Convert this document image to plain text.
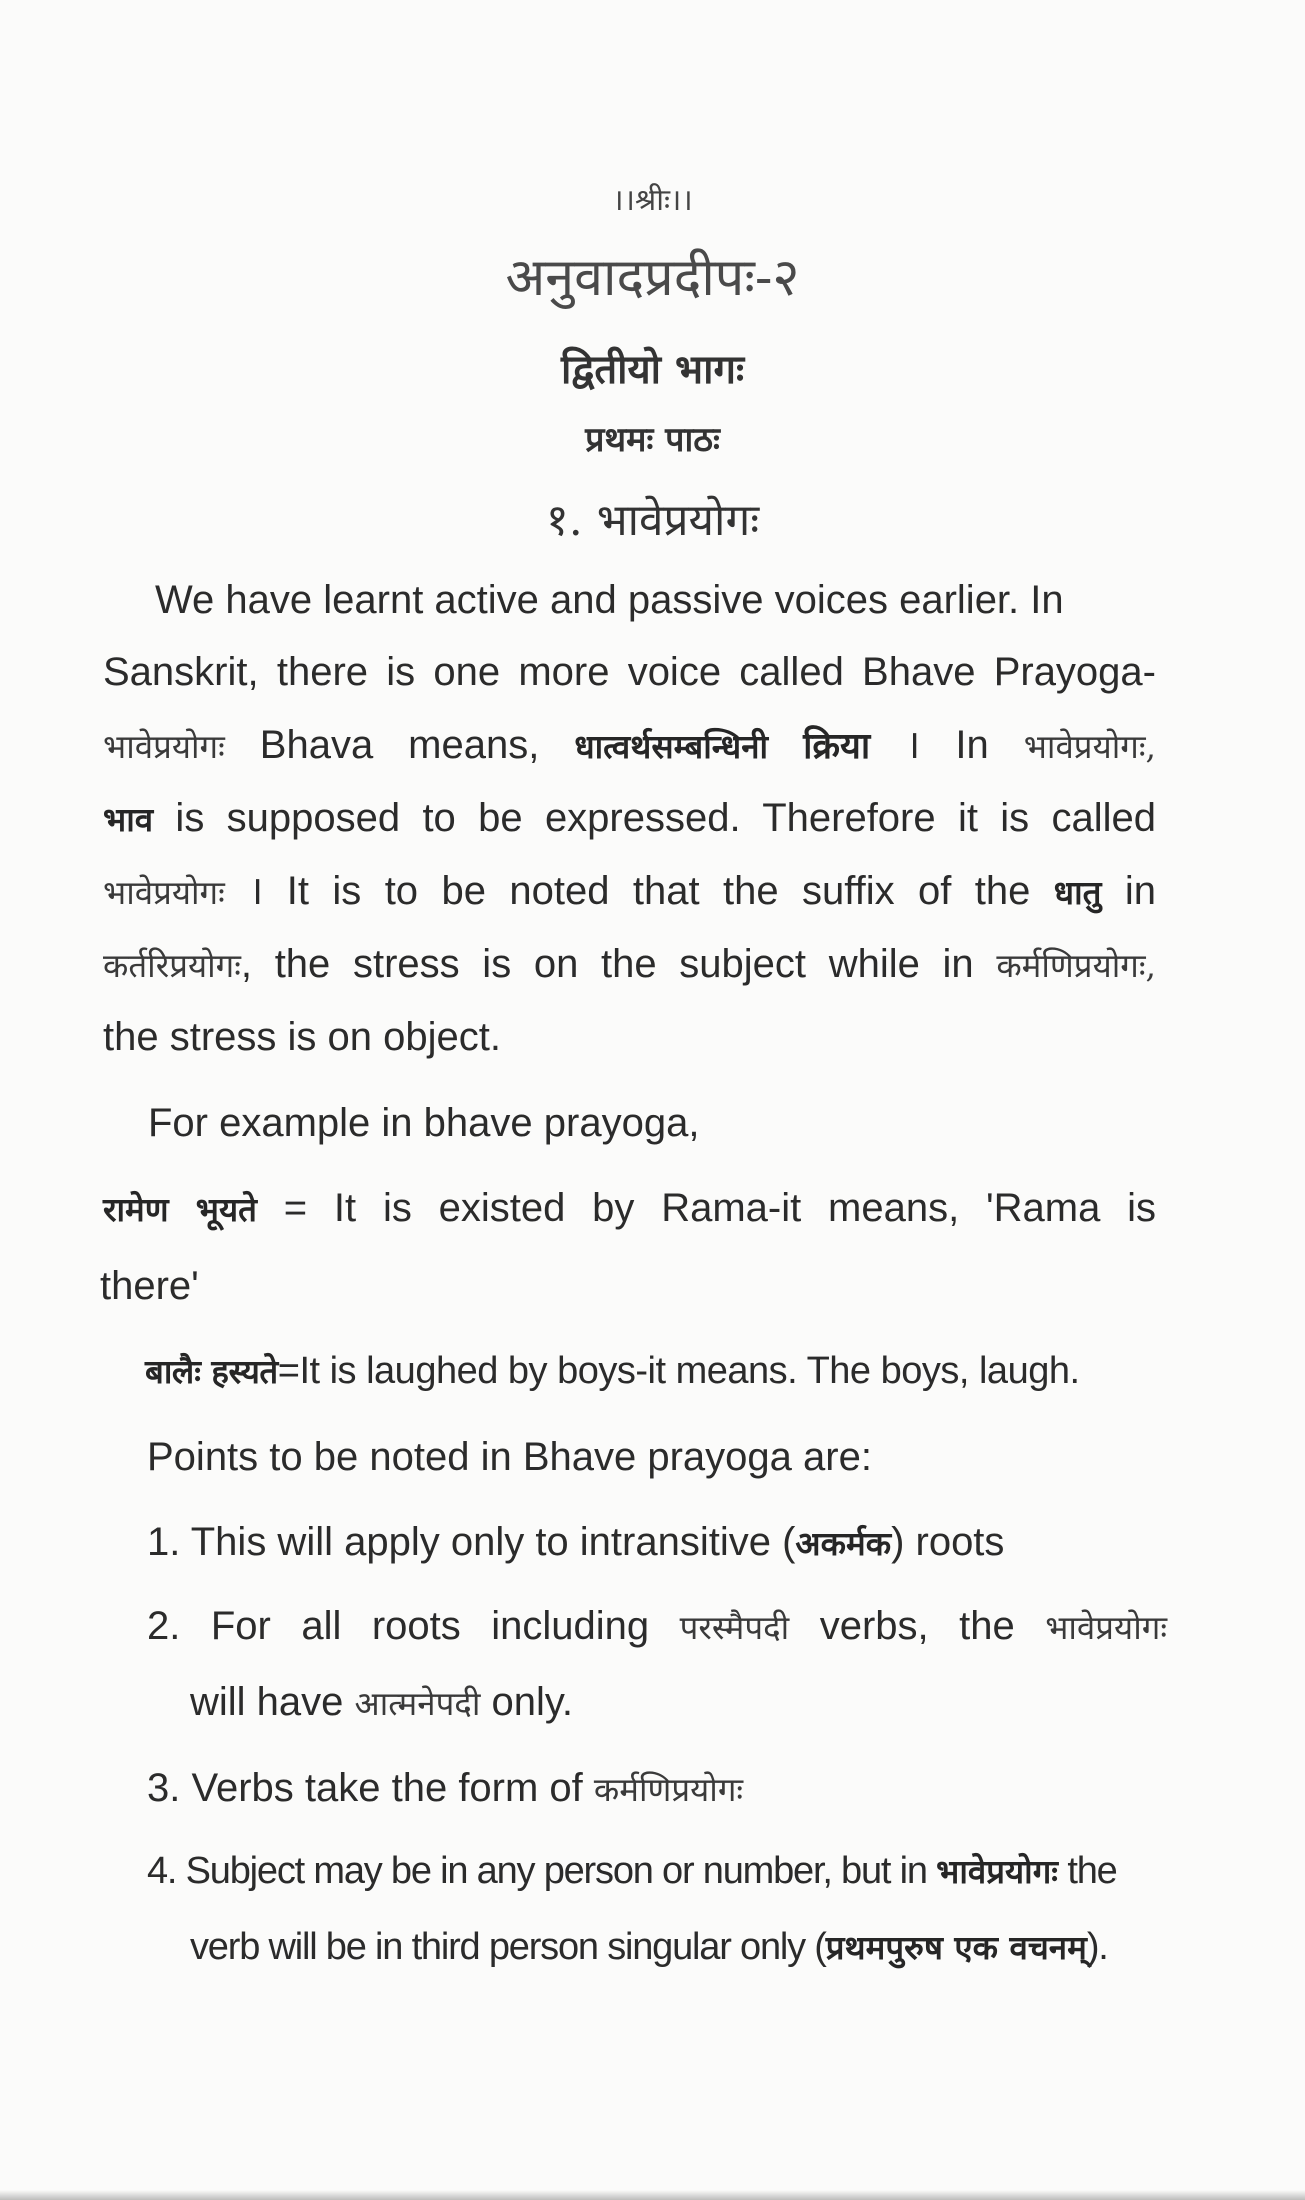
।।श्रीः।।
अनुवादप्रदीपः-२
द्वितीयो भागः
प्रथमः पाठः
१. भावेप्रयोगः
We have learnt active and passive voices earlier. In
Sanskrit, there is one more voice called Bhave Prayoga-
भावेप्रयोगः Bhava means, धात्वर्थसम्बन्धिनी क्रिया । In भावेप्रयोगः,
भाव is supposed to be expressed. Therefore it is called
भावेप्रयोगः । It is to be noted that the suffix of the धातु in
कर्तरिप्रयोगः, the stress is on the subject while in कर्मणिप्रयोगः,
the stress is on object.
For example in bhave prayoga,
रामेण भूयते = It is existed by Rama-it means, 'Rama is
there'
बालैः हस्यते=It is laughed by boys-it means. The boys, laugh.
Points to be noted in Bhave prayoga are:
1. This will apply only to intransitive (अकर्मक) roots
2. For all roots including परस्मैपदी verbs, the भावेप्रयोगः
will have आत्मनेपदी only.
3. Verbs take the form of कर्मणिप्रयोगः
4. Subject may be in any person or number, but in भावेप्रयोगः the
verb will be in third person singular only (प्रथमपुरुष एक वचनम्).
